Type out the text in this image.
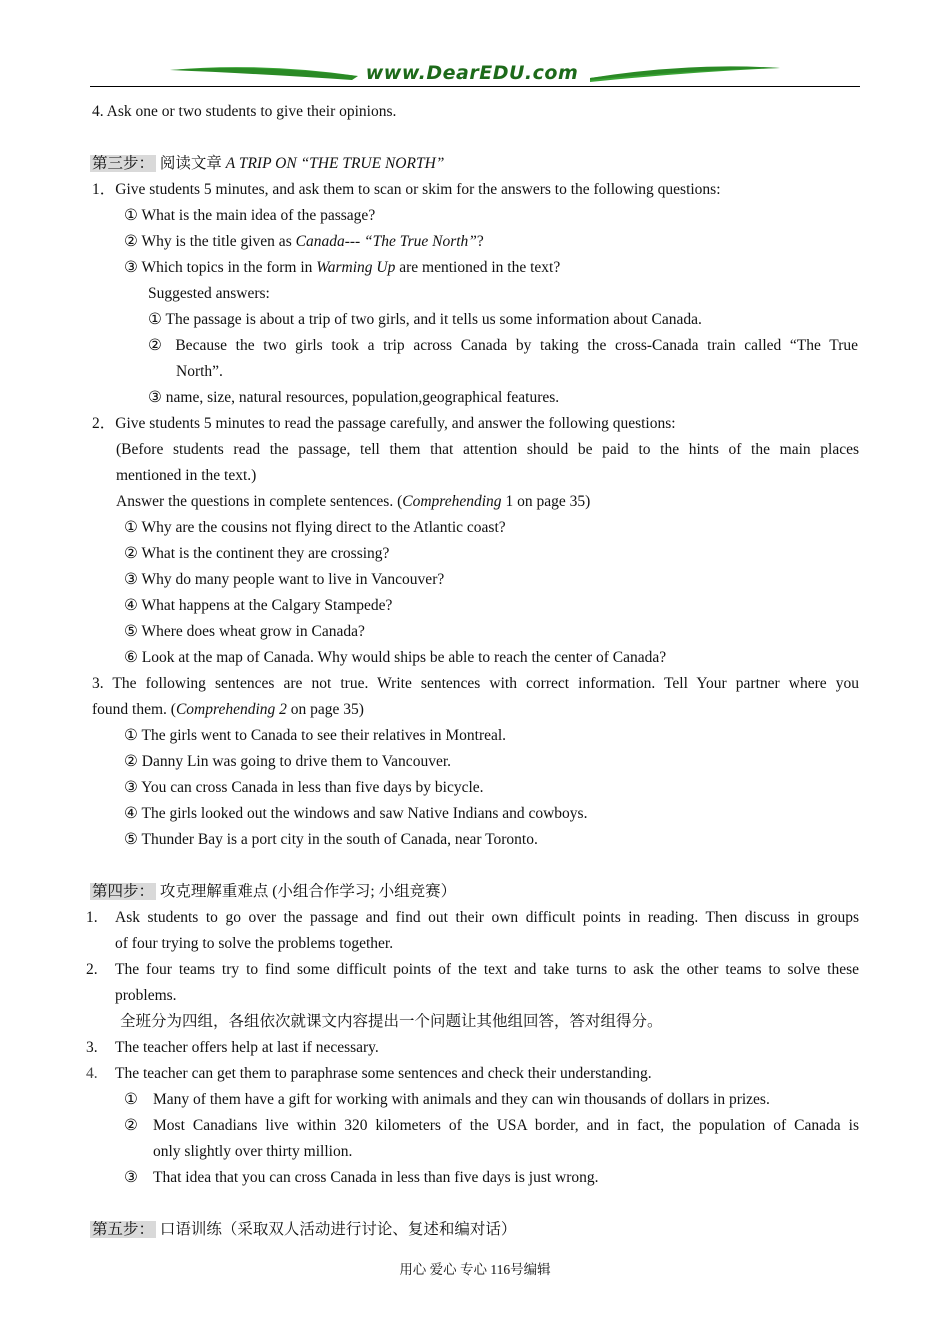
www.DearEDU.com
4. Ask one or two students to give their opinions.
第三步： 阅读文章 A TRIP ON “THE TRUE NORTH”
1．Give students 5 minutes, and ask them to scan or skim for the answers to the following questions:
① What is the main idea of the passage?
② Why is the title given as Canada--- “The True North”?
③ Which topics in the form in Warming Up are mentioned in the text?
Suggested answers:
① The passage is about a trip of two girls, and it tells us some information about Canada.
② Because the two girls took a trip across Canada by taking the cross-Canada train called “The True
North”.
③ name, size, natural resources, population,geographical features.
2．Give students 5 minutes to read the passage carefully, and answer the following questions:
(Before students read the passage, tell them that attention should be paid to the hints of the main places
mentioned in the text.)
Answer the questions in complete sentences. (Comprehending 1 on page 35)
① Why are the cousins not flying direct to the Atlantic coast?
② What is the continent they are crossing?
③ Why do many people want to live in Vancouver?
④ What happens at the Calgary Stampede?
⑤ Where does wheat grow in Canada?
⑥ Look at the map of Canada. Why would ships be able to reach the center of Canada?
3. The following sentences are not true. Write sentences with correct information. Tell Your partner where you
found them. (Comprehending 2 on page 35)
① The girls went to Canada to see their relatives in Montreal.
② Danny Lin was going to drive them to Vancouver.
③ You can cross Canada in less than five days by bicycle.
④ The girls looked out the windows and saw Native Indians and cowboys.
⑤ Thunder Bay is a port city in the south of Canada, near Toronto.
第四步： 攻克理解重难点 (小组合作学习; 小组竞赛）
1. Ask students to go over the passage and find out their own difficult points in reading. Then discuss in groups
of four trying to solve the problems together.
2. The four teams try to find some difficult points of the text and take turns to ask the other teams to solve these
problems.
全班分为四组，各组依次就课文内容提出一个问题让其他组回答，答对组得分。
3. The teacher offers help at last if necessary.
4. The teacher can get them to paraphrase some sentences and check their understanding.
① Many of them have a gift for working with animals and they can win thousands of dollars in prizes.
② Most Canadians live within 320 kilometers of the USA border, and in fact, the population of Canada is
only slightly over thirty million.
③ That idea that you can cross Canada in less than five days is just wrong.
第五步： 口语训练（采取双人活动进行讨论、复述和编对话）
用心 爱心 专心 116号编辑
